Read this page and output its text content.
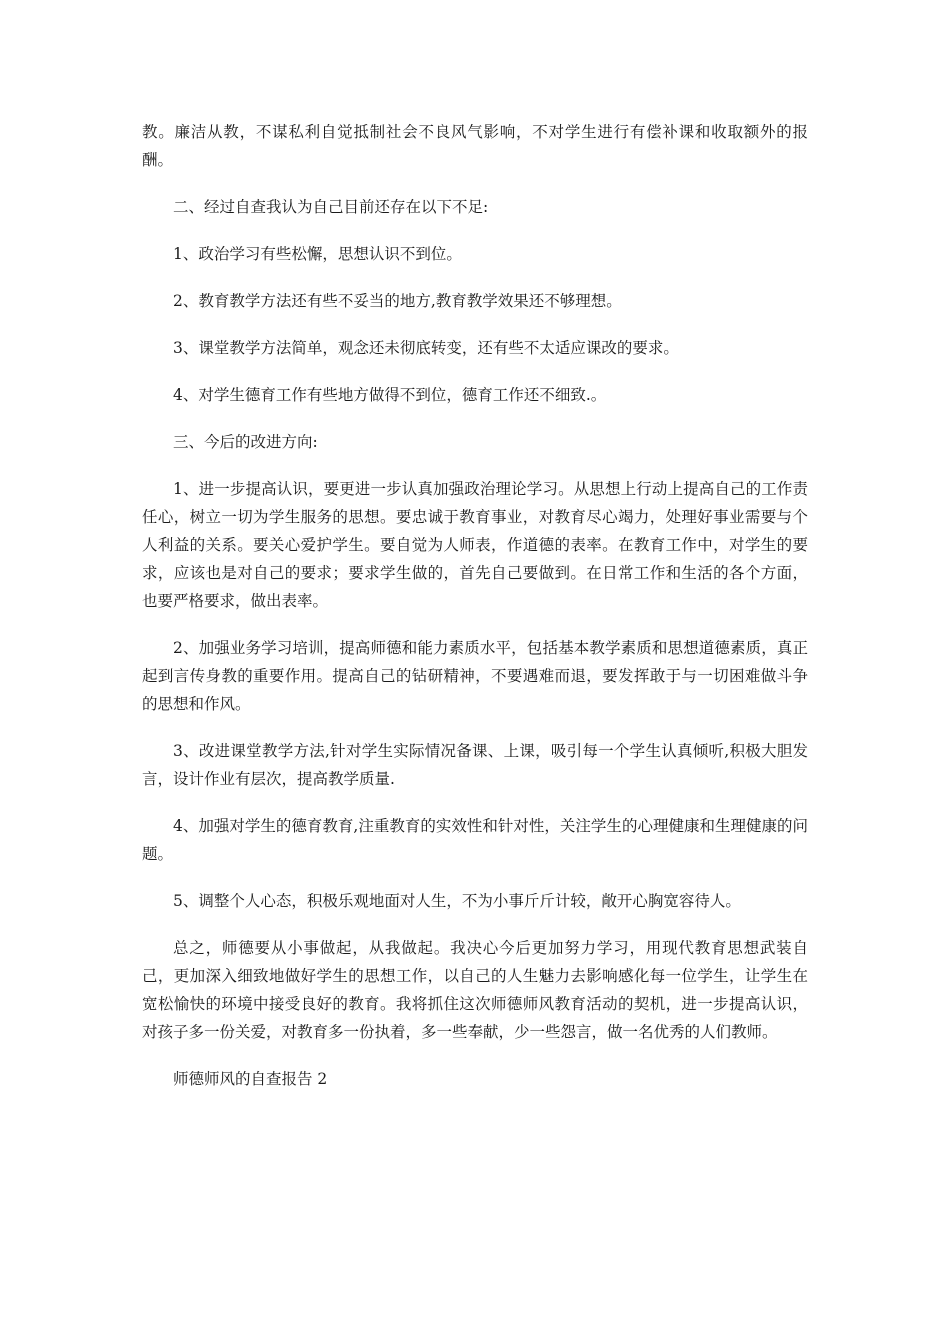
教。廉洁从教，不谋私利自觉抵制社会不良风气影响，不对学生进行有偿补课和收取额外的报酬。

二、经过自查我认为自己目前还存在以下不足:

1、政治学习有些松懈，思想认识不到位。

2、教育教学方法还有些不妥当的地方,教育教学效果还不够理想。

3、课堂教学方法简单，观念还未彻底转变，还有些不太适应课改的要求。

4、对学生德育工作有些地方做得不到位，德育工作还不细致.。

三、今后的改进方向:

1、进一步提高认识，要更进一步认真加强政治理论学习。从思想上行动上提高自己的工作责任心，树立一切为学生服务的思想。要忠诚于教育事业，对教育尽心竭力，处理好事业需要与个人利益的关系。要关心爱护学生。要自觉为人师表，作道德的表率。在教育工作中，对学生的要求，应该也是对自己的要求；要求学生做的，首先自己要做到。在日常工作和生活的各个方面，也要严格要求，做出表率。

2、加强业务学习培训，提高师德和能力素质水平，包括基本教学素质和思想道德素质，真正起到言传身教的重要作用。提高自己的钻研精神，不要遇难而退，要发挥敢于与一切困难做斗争的思想和作风。

3、改进课堂教学方法,针对学生实际情况备课、上课，吸引每一个学生认真倾听,积极大胆发言，设计作业有层次，提高教学质量.

4、加强对学生的德育教育,注重教育的实效性和针对性，关注学生的心理健康和生理健康的问题。

5、调整个人心态，积极乐观地面对人生，不为小事斤斤计较，敞开心胸宽容待人。

总之，师德要从小事做起，从我做起。我决心今后更加努力学习，用现代教育思想武装自己，更加深入细致地做好学生的思想工作，以自己的人生魅力去影响感化每一位学生，让学生在宽松愉快的环境中接受良好的教育。我将抓住这次师德师风教育活动的契机，进一步提高认识，对孩子多一份关爱，对教育多一份执着，多一些奉献，少一些怨言，做一名优秀的人们教师。

师德师风的自查报告 2
